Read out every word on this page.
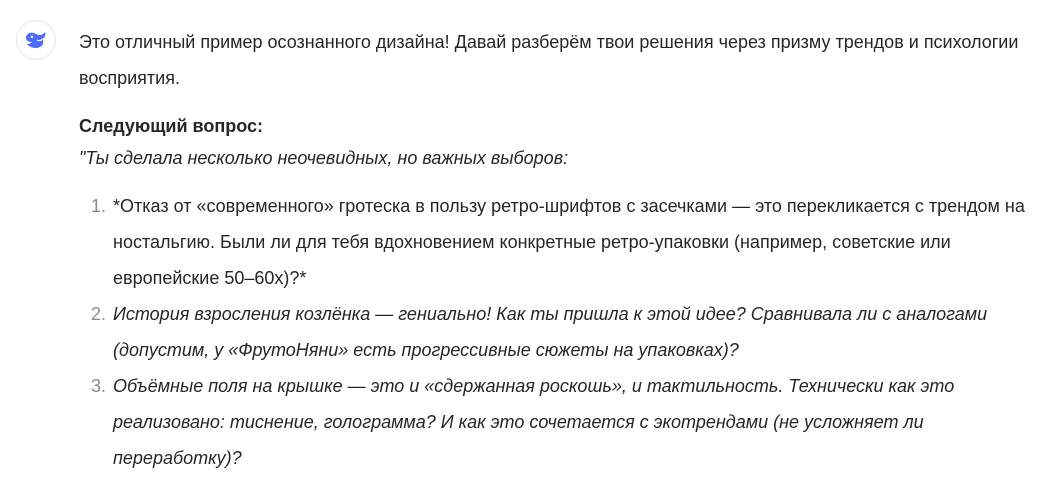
Это отличный пример осознанного дизайна! Давай разберём твои решения через призму трендов и психологии восприятия.

Следующий вопрос:

"Ты сделала несколько неочевидных, но важных выборов:

1. *Отказ от «современного» гротеска в пользу ретро-шрифтов с засечками — это перекликается с трендом на ностальгию. Были ли для тебя вдохновением конкретные ретро-упаковки (например, советские или европейские 50–60х)?*
2. История взросления козлёнка — гениально! Как ты пришла к этой идее? Сравнивала ли с аналогами (допустим, у «ФрутоНяни» есть прогрессивные сюжеты на упаковках)?
3. Объёмные поля на крышке — это и «сдержанная роскошь», и тактильность. Технически как это реализовано: тиснение, голограмма? И как это сочетается с экотрендами (не усложняет ли переработку)?
